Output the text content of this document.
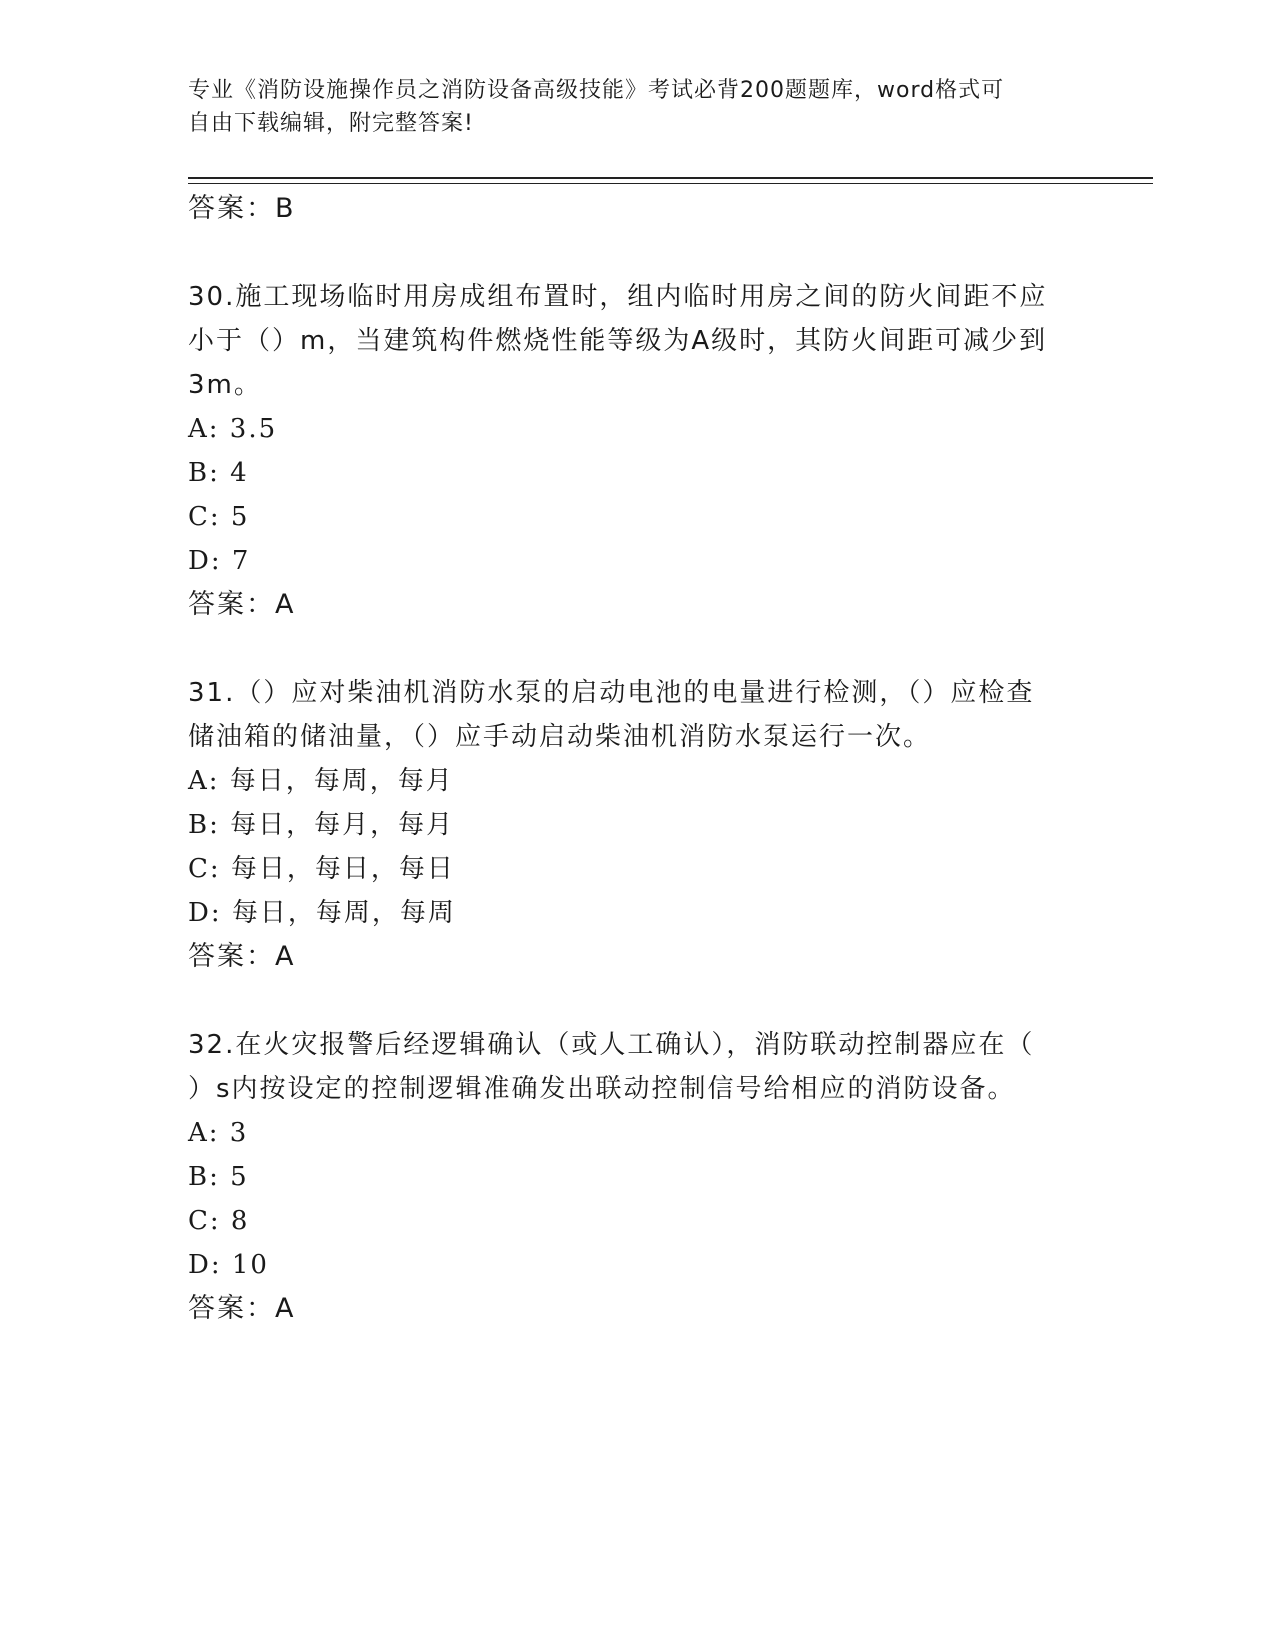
专业《消防设施操作员之消防设备高级技能》考试必背200题题库，word格式可
自由下载编辑，附完整答案!
答案：B
30.施工现场临时用房成组布置时，组内临时用房之间的防火间距不应
小于（）m，当建筑构件燃烧性能等级为A级时，其防火间距可减少到
3m。
A: 3.5
B: 4
C: 5
D: 7
答案：A
31.（）应对柴油机消防水泵的启动电池的电量进行检测，（）应检查
储油箱的储油量，（）应手动启动柴油机消防水泵运行一次。
A: 每日，每周，每月
B: 每日，每月，每月
C: 每日，每日，每日
D: 每日，每周，每周
答案：A
32.在火灾报警后经逻辑确认（或人工确认），消防联动控制器应在（
）s内按设定的控制逻辑准确发出联动控制信号给相应的消防设备。
A: 3
B: 5
C: 8
D: 10
答案：A
